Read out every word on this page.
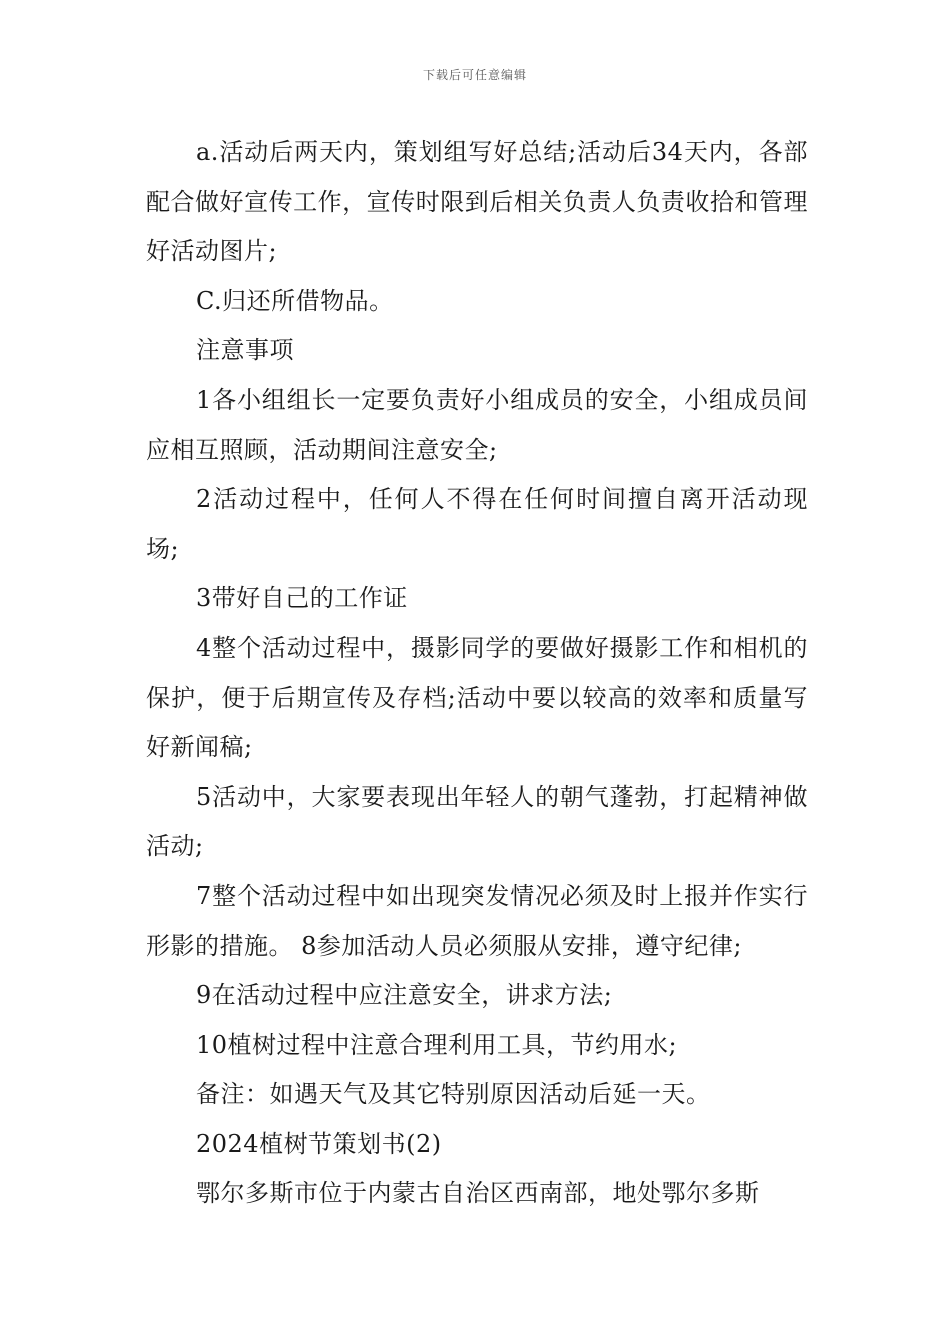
下载后可任意编辑

a.活动后两天内，策划组写好总结;活动后34天内，各部配合做好宣传工作，宣传时限到后相关负责人负责收拾和管理好活动图片;

C.归还所借物品。

注意事项

1各小组组长一定要负责好小组成员的安全，小组成员间应相互照顾，活动期间注意安全;

2活动过程中，任何人不得在任何时间擅自离开活动现场;

3带好自己的工作证

4整个活动过程中，摄影同学的要做好摄影工作和相机的保护，便于后期宣传及存档;活动中要以较高的效率和质量写好新闻稿;

5活动中，大家要表现出年轻人的朝气蓬勃，打起精神做活动;

7整个活动过程中如出现突发情况必须及时上报并作实行形影的措施。 8参加活动人员必须服从安排，遵守纪律;

9在活动过程中应注意安全，讲求方法;

10植树过程中注意合理利用工具，节约用水;

备注：如遇天气及其它特别原因活动后延一天。

2024植树节策划书(2)

鄂尔多斯市位于内蒙古自治区西南部，地处鄂尔多斯
